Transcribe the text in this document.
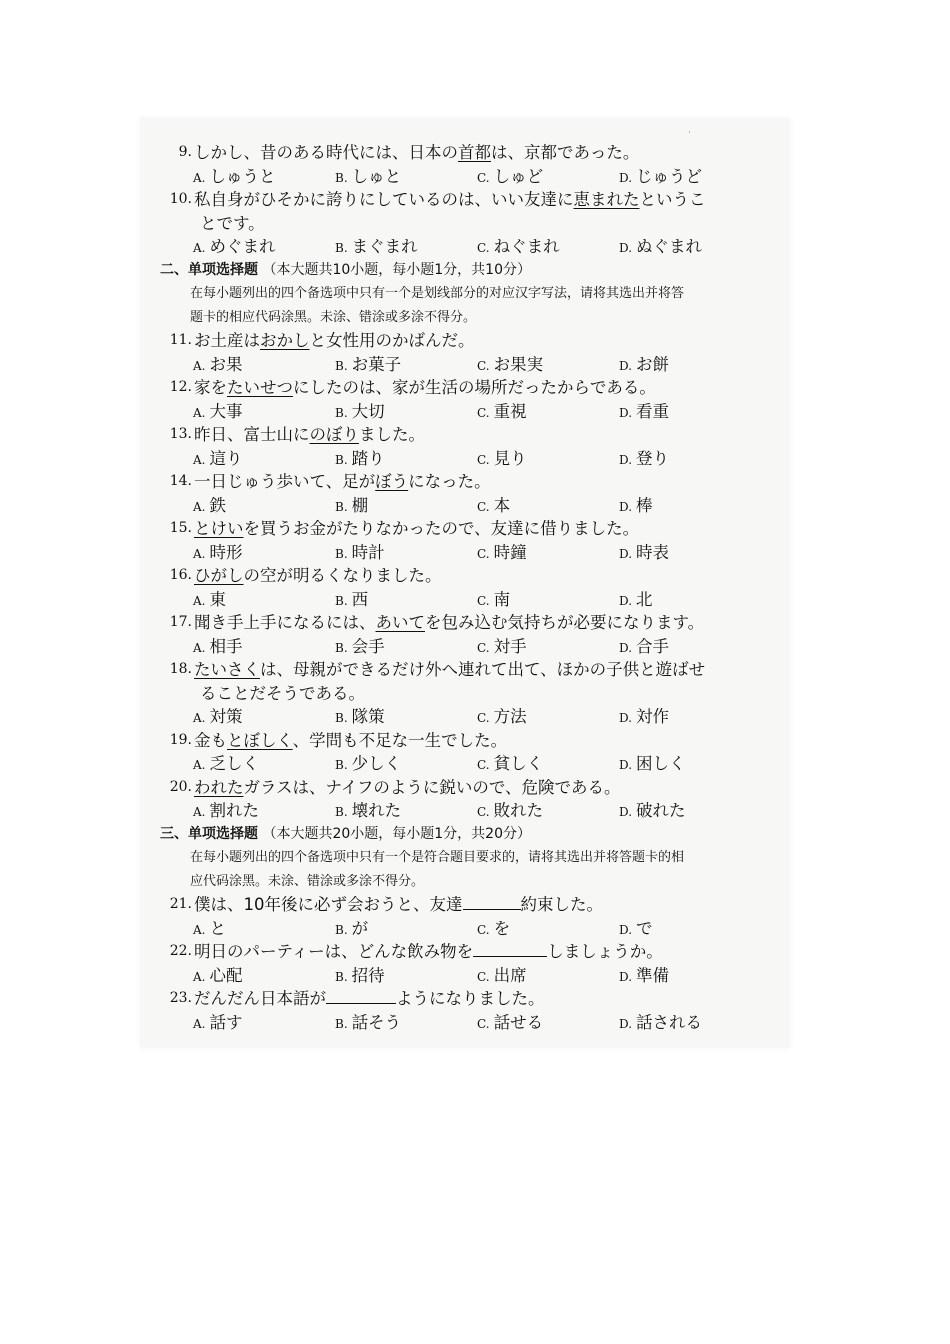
·
9. しかし、昔のある時代には、日本の首都は、京都であった。
A. しゅうと	B. しゅと	C. しゅど	D. じゅうど
10. 私自身がひそかに誇りにしているのは、いい友達に恵まれたというこ
とです。
A. めぐまれ	B. まぐまれ	C. ねぐまれ	D. ぬぐまれ
二、单项选择题 （本大题共10小题，每小题1分，共10分）
在每小题列出的四个备选项中只有一个是划线部分的对应汉字写法，请将其选出并将答
题卡的相应代码涂黑。未涂、错涂或多涂不得分。
11. お土産はおかしと女性用のかばんだ。
A. お果	B. お菓子	C. お果実	D. お餅
12. 家をたいせつにしたのは、家が生活の場所だったからである。
A. 大事	B. 大切	C. 重視	D. 看重
13. 昨日、富士山にのぼりました。
A. 這り	B. 踏り	C. 見り	D. 登り
14. 一日じゅう歩いて、足がぼうになった。
A. 鉄	B. 棚	C. 本	D. 棒
15. とけいを買うお金がたりなかったので、友達に借りました。
A. 時形	B. 時計	C. 時鐘	D. 時表
16. ひがしの空が明るくなりました。
A. 東	B. 西	C. 南	D. 北
17. 聞き手上手になるには、あいてを包み込む気持ちが必要になります。
A. 相手	B. 会手	C. 対手	D. 合手
18. たいさくは、母親ができるだけ外へ連れて出て、ほかの子供と遊ばせ
ることだそうである。
A. 対策	B. 隊策	C. 方法	D. 対作
19. 金もとぼしく、学問も不足な一生でした。
A. 乏しく	B. 少しく	C. 貧しく	D. 困しく
20. われたガラスは、ナイフのように鋭いので、危険である。
A. 割れた	B. 壊れた	C. 敗れた	D. 破れた
三、单项选择题 （本大题共20小题，每小题1分，共20分）
在每小题列出的四个备选项中只有一个是符合题目要求的，请将其选出并将答题卡的相
应代码涂黑。未涂、错涂或多涂不得分。
21. 僕は、10年後に必ず会おうと、友達	約束した。
A. と	B. が	C. を	D. で
22. 明日のパーティーは、どんな飲み物を	しましょうか。
A. 心配	B. 招待	C. 出席	D. 準備
23. だんだん日本語が	ようになりました。
A. 話す	B. 話そう	C. 話せる	D. 話される
